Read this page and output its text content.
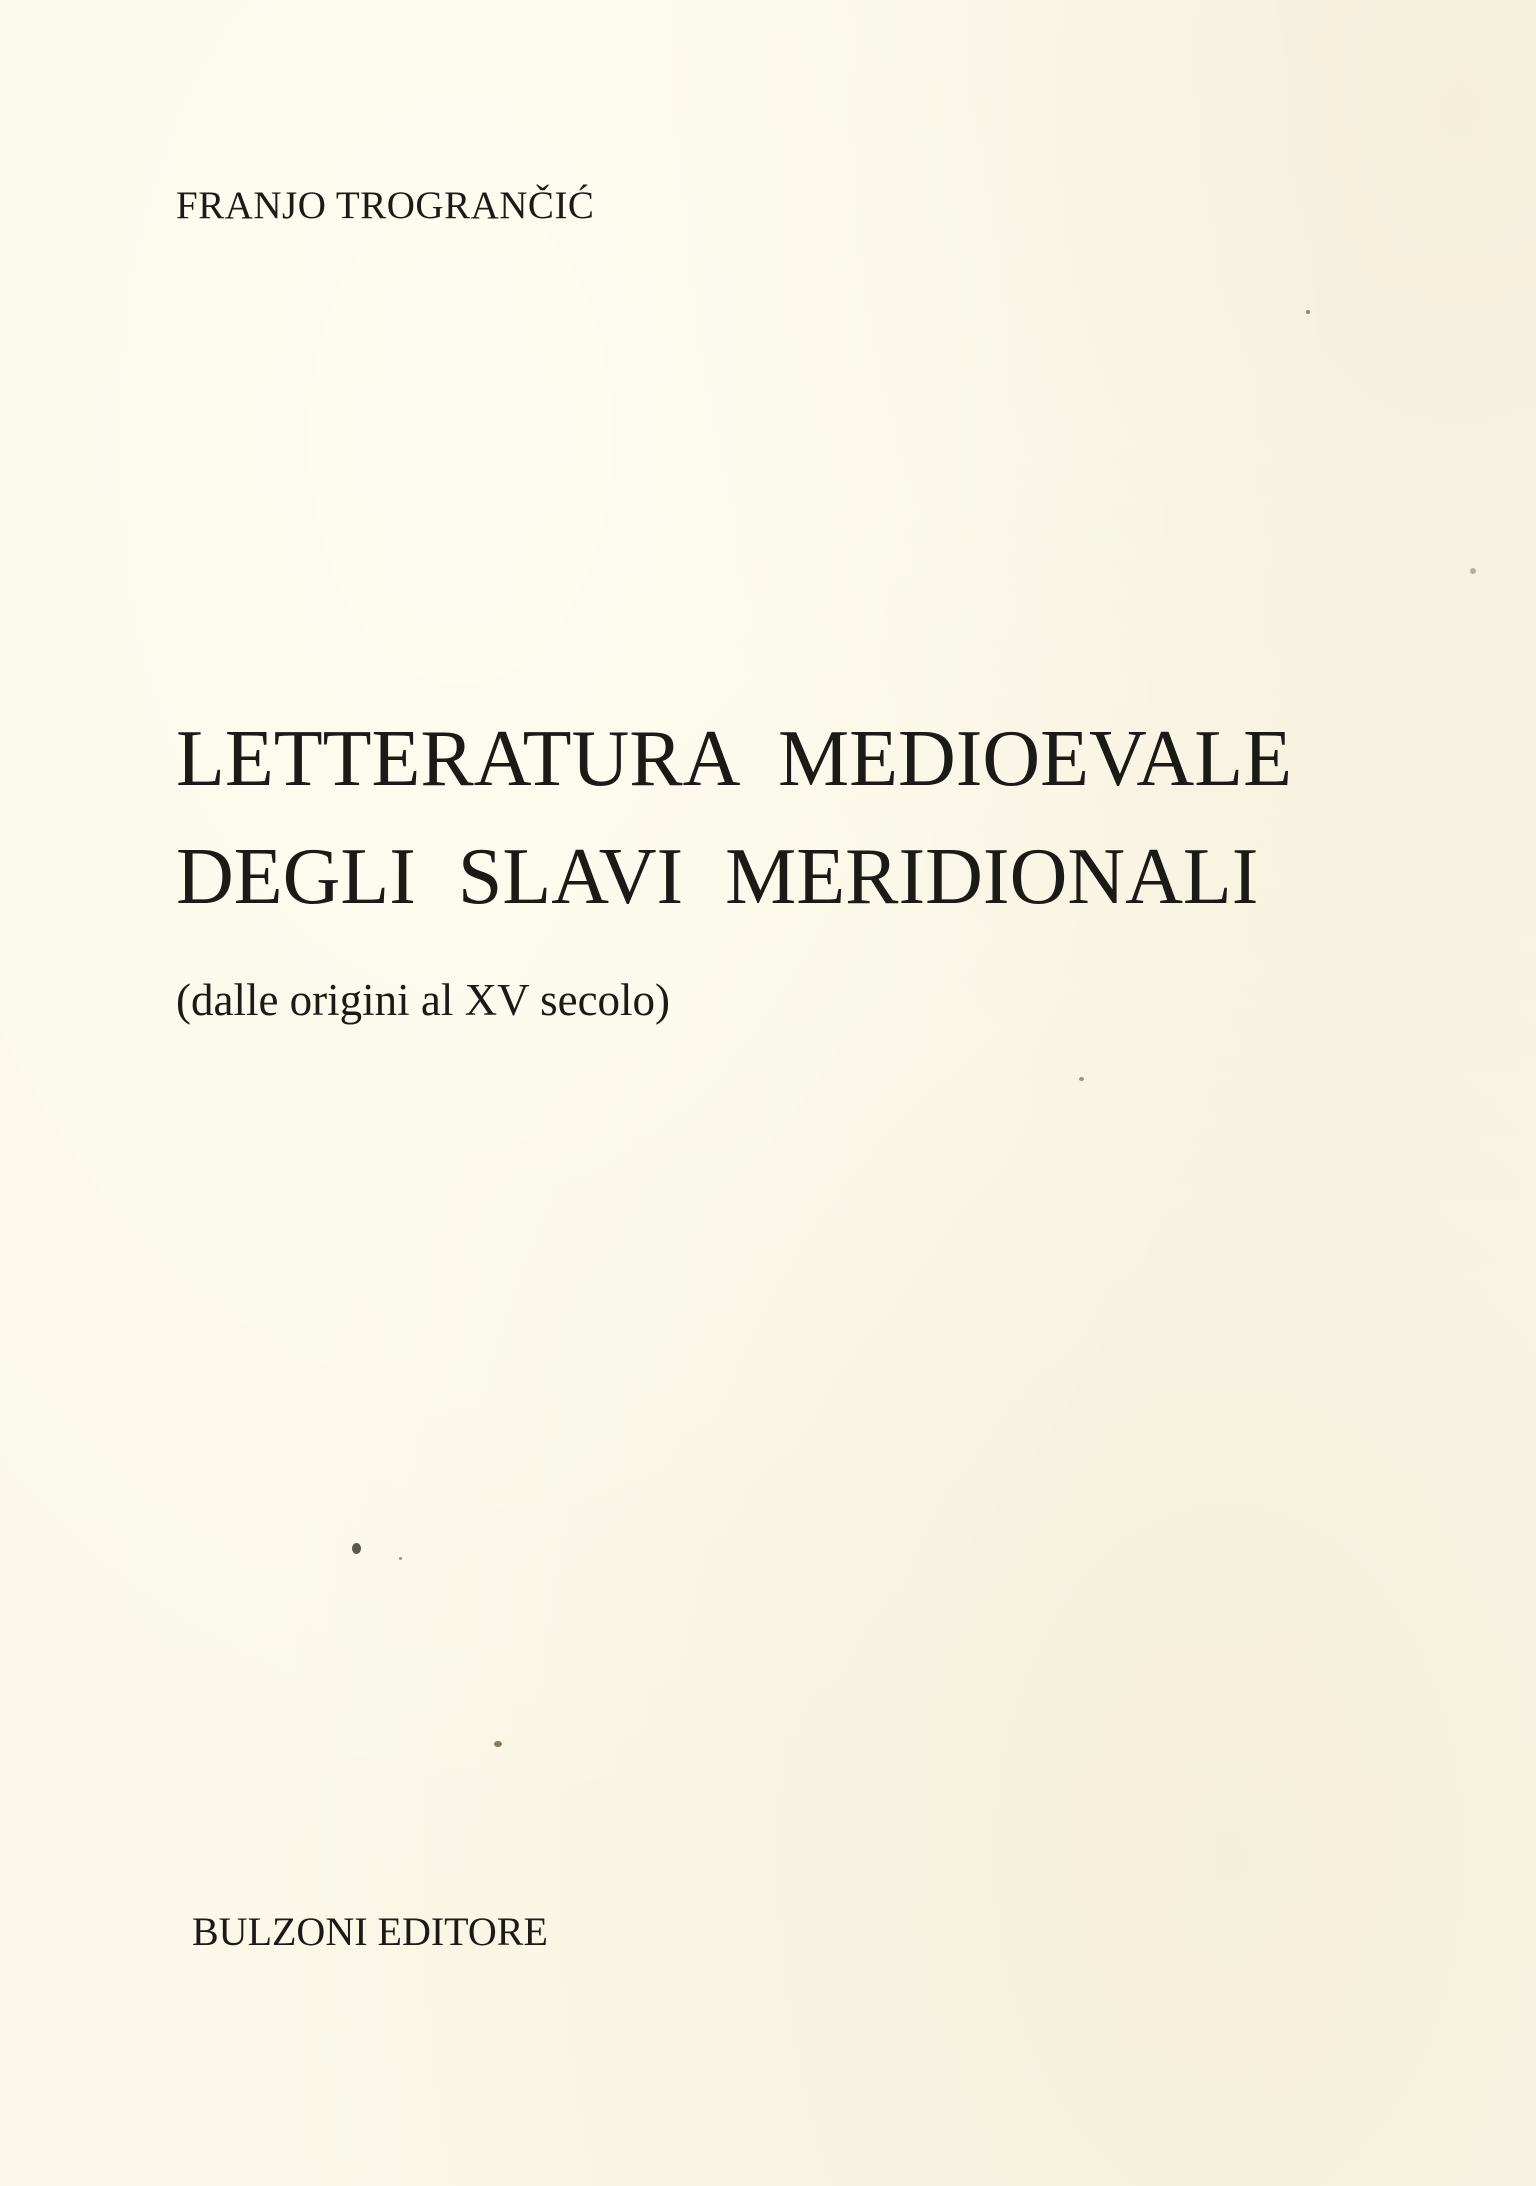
FRANJO TROGRANČIĆ
LETTERATURA MEDIOEVALE
DEGLI SLAVI MERIDIONALI
(dalle origini al XV secolo)
BULZONI EDITORE
